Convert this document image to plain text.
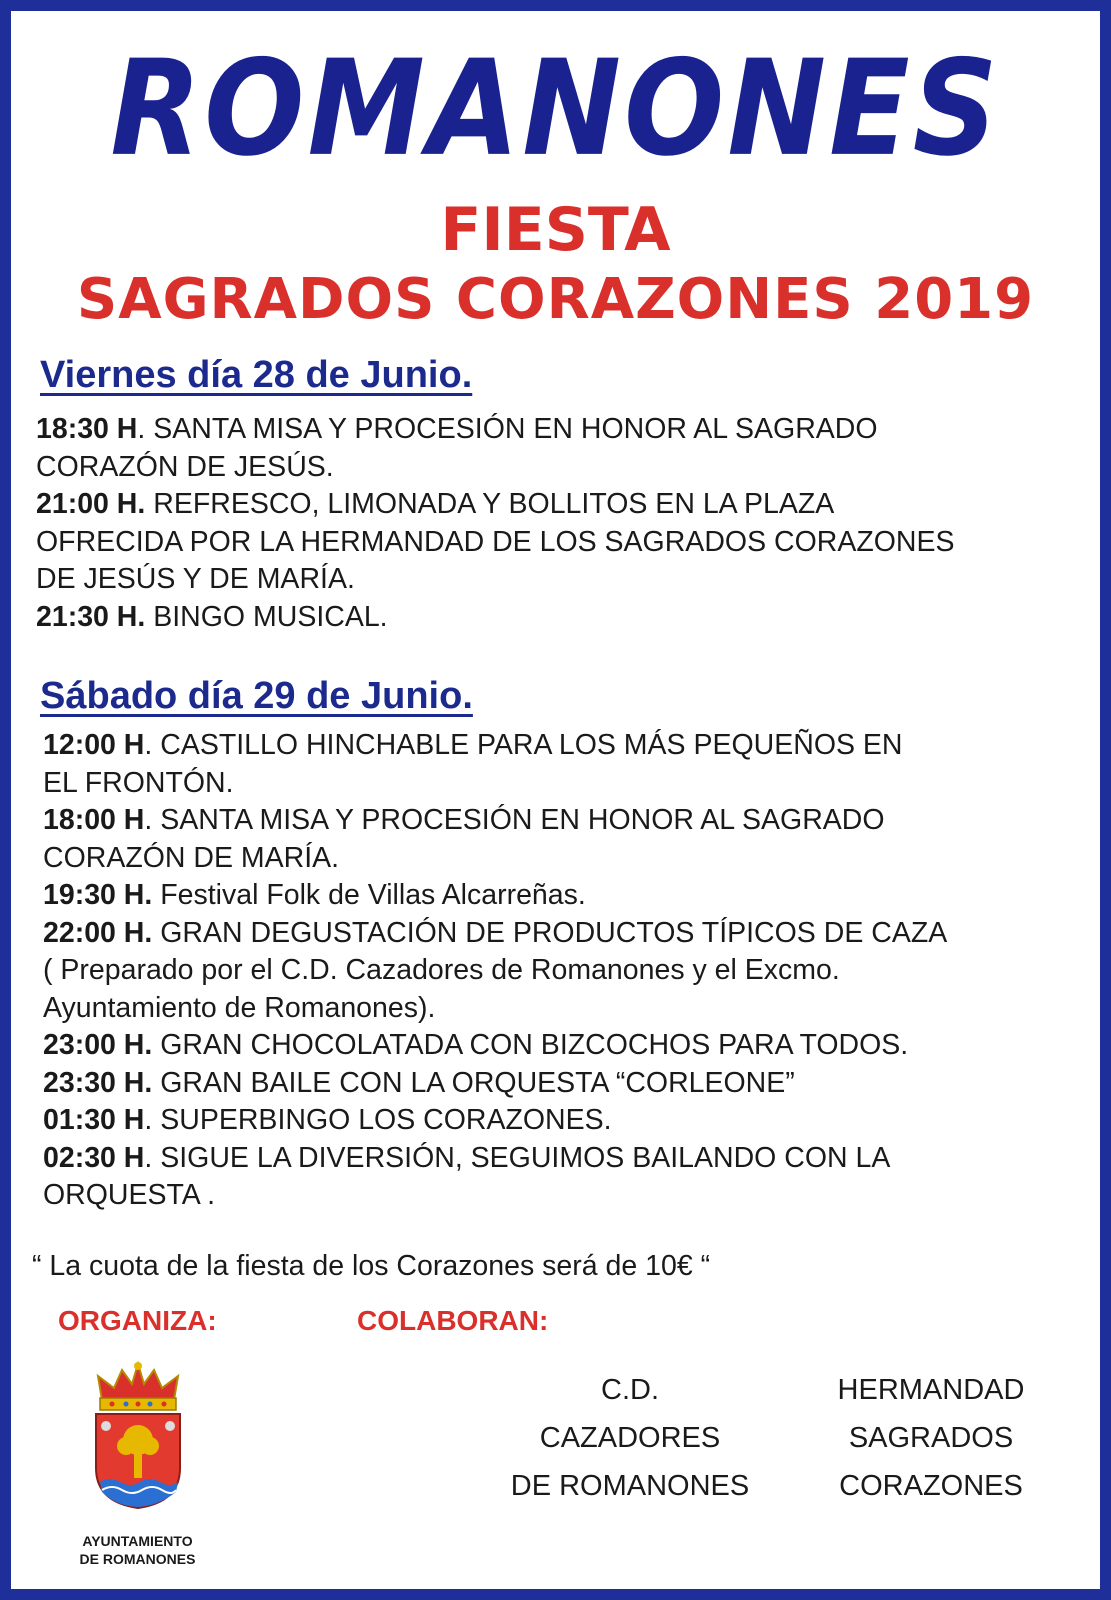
ROMANONES
FIESTA
SAGRADOS CORAZONES 2019
Viernes día 28 de Junio.
18:30 H. SANTA MISA Y PROCESIÓN EN HONOR AL SAGRADO
CORAZÓN DE JESÚS.
21:00 H. REFRESCO, LIMONADA Y BOLLITOS EN LA PLAZA
OFRECIDA POR LA HERMANDAD DE LOS SAGRADOS CORAZONES
DE JESÚS Y DE MARÍA.
21:30 H. BINGO MUSICAL.
Sábado día 29 de Junio.
12:00 H. CASTILLO HINCHABLE PARA LOS MÁS PEQUEÑOS EN
EL FRONTÓN.
18:00 H. SANTA MISA Y PROCESIÓN EN HONOR AL SAGRADO
CORAZÓN DE MARÍA.
19:30 H. Festival Folk de Villas Alcarreñas.
22:00 H. GRAN DEGUSTACIÓN DE PRODUCTOS TÍPICOS DE CAZA
( Preparado por el C.D. Cazadores de Romanones y el Excmo.
Ayuntamiento de Romanones).
23:00 H. GRAN CHOCOLATADA CON BIZCOCHOS PARA TODOS.
23:30 H. GRAN BAILE CON LA ORQUESTA “CORLEONE”
01:30 H. SUPERBINGO LOS CORAZONES.
02:30 H. SIGUE LA DIVERSIÓN, SEGUIMOS BAILANDO CON LA
ORQUESTA .
“ La cuota de la fiesta de los Corazones será de 10€ “
ORGANIZA:	COLABORAN:
AYUNTAMIENTO
DE ROMANONES
C.D.
CAZADORES
DE ROMANONES
HERMANDAD
SAGRADOS
CORAZONES
